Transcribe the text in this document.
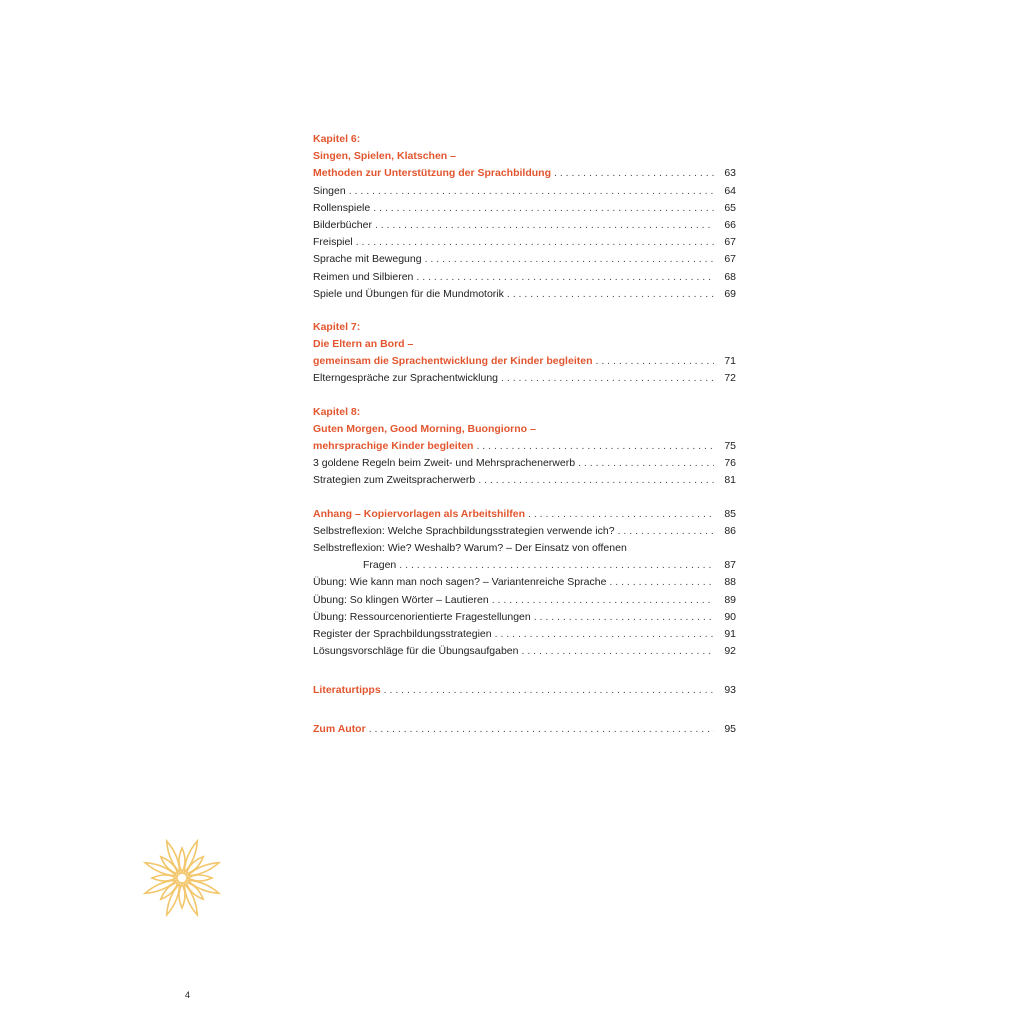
Kapitel 6:
Singen, Spielen, Klatschen –
Methoden zur Unterstützung der Sprachbildung . . .	63
Singen . . .	64
Rollenspiele . . .	65
Bilderbücher . . .	66
Freispiel . . .	67
Sprache mit Bewegung . . .	67
Reimen und Silbieren . . .	68
Spiele und Übungen für die Mundmotorik . . .	69
Kapitel 7:
Die Eltern an Bord –
gemeinsam die Sprachentwicklung der Kinder begleiten . . .	71
Elterngespräche zur Sprachentwicklung . . .	72
Kapitel 8:
Guten Morgen, Good Morning, Buongiorno –
mehrsprachige Kinder begleiten . . .	75
3 goldene Regeln beim Zweit- und Mehrsprachenerwerb . . .	76
Strategien zum Zweitspracherwerb . . .	81
Anhang – Kopiervorlagen als Arbeitshilfen . . .	85
Selbstreflexion: Welche Sprachbildungsstrategien verwende ich? . . .	86
Selbstreflexion: Wie? Weshalb? Warum? – Der Einsatz von offenen
Fragen . . .	87
Übung: Wie kann man noch sagen? – Variantenreiche Sprache . . .	88
Übung: So klingen Wörter – Lautieren . . .	89
Übung: Ressourcenorientierte Fragestellungen . . .	90
Register der Sprachbildungsstrategien . . .	91
Lösungsvorschläge für die Übungsaufgaben . . .	92
Literaturtipps . . .	93
Zum Autor . . .	95
4
